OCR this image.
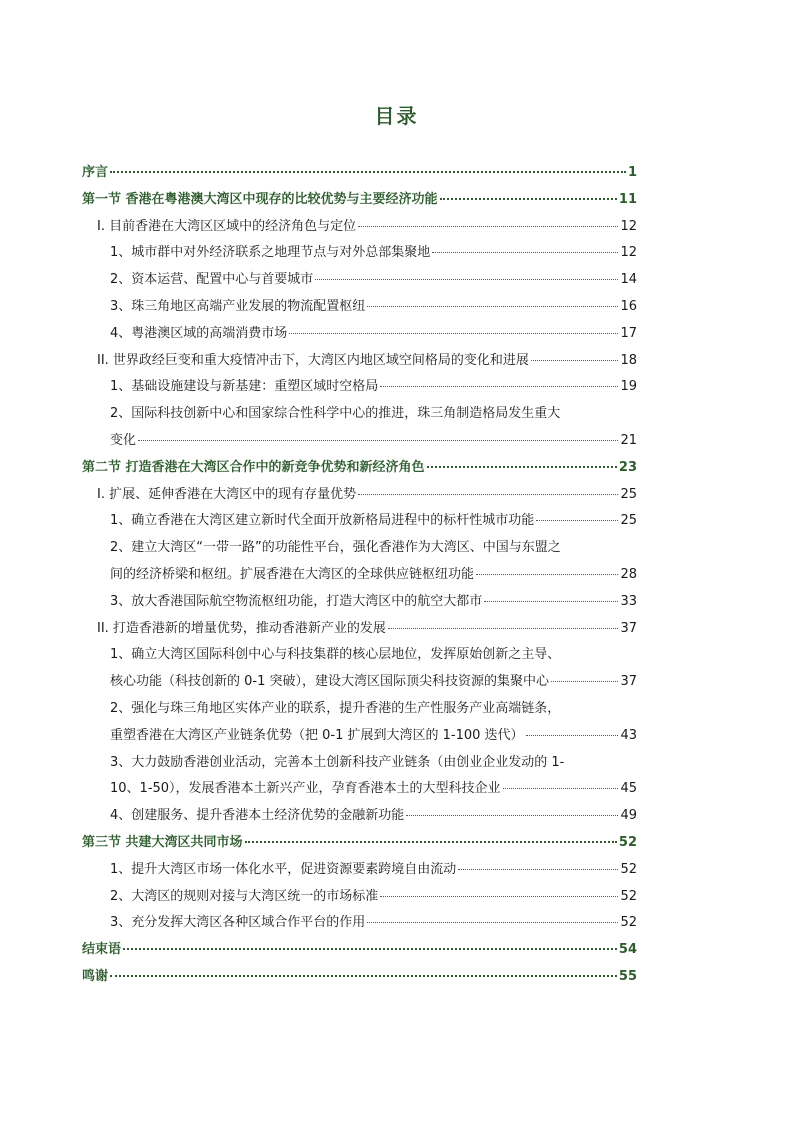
目录
序言	1
第一节 香港在粤港澳大湾区中现存的比较优势与主要经济功能	11
I. 目前香港在大湾区区域中的经济角色与定位	12
1、城市群中对外经济联系之地理节点与对外总部集聚地	12
2、资本运营、配置中心与首要城市	14
3、珠三角地区高端产业发展的物流配置枢纽	16
4、粤港澳区域的高端消费市场	17
II. 世界政经巨变和重大疫情冲击下，大湾区内地区域空间格局的变化和进展	18
1、基础设施建设与新基建：重塑区域时空格局	19
2、国际科技创新中心和国家综合性科学中心的推进，珠三角制造格局发生重大
变化	21
第二节 打造香港在大湾区合作中的新竞争优势和新经济角色	23
I. 扩展、延伸香港在大湾区中的现有存量优势	25
1、确立香港在大湾区建立新时代全面开放新格局进程中的标杆性城市功能	25
2、建立大湾区“一带一路”的功能性平台，强化香港作为大湾区、中国与东盟之
间的经济桥梁和枢纽。扩展香港在大湾区的全球供应链枢纽功能	28
3、放大香港国际航空物流枢纽功能，打造大湾区中的航空大都市	33
II. 打造香港新的增量优势，推动香港新产业的发展	37
1、确立大湾区国际科创中心与科技集群的核心层地位，发挥原始创新之主导、
核心功能（科技创新的 0-1 突破），建设大湾区国际顶尖科技资源的集聚中心	37
2、强化与珠三角地区实体产业的联系，提升香港的生产性服务产业高端链条，
重塑香港在大湾区产业链条优势（把 0-1 扩展到大湾区的 1-100 迭代）	43
3、大力鼓励香港创业活动，完善本土创新科技产业链条（由创业企业发动的 1-
10、1-50），发展香港本土新兴产业，孕育香港本土的大型科技企业	45
4、创建服务、提升香港本土经济优势的金融新功能	49
第三节 共建大湾区共同市场	52
1、提升大湾区市场一体化水平，促进资源要素跨境自由流动	52
2、大湾区的规则对接与大湾区统一的市场标准	52
3、充分发挥大湾区各种区域合作平台的作用	52
结束语	54
鸣谢	55
